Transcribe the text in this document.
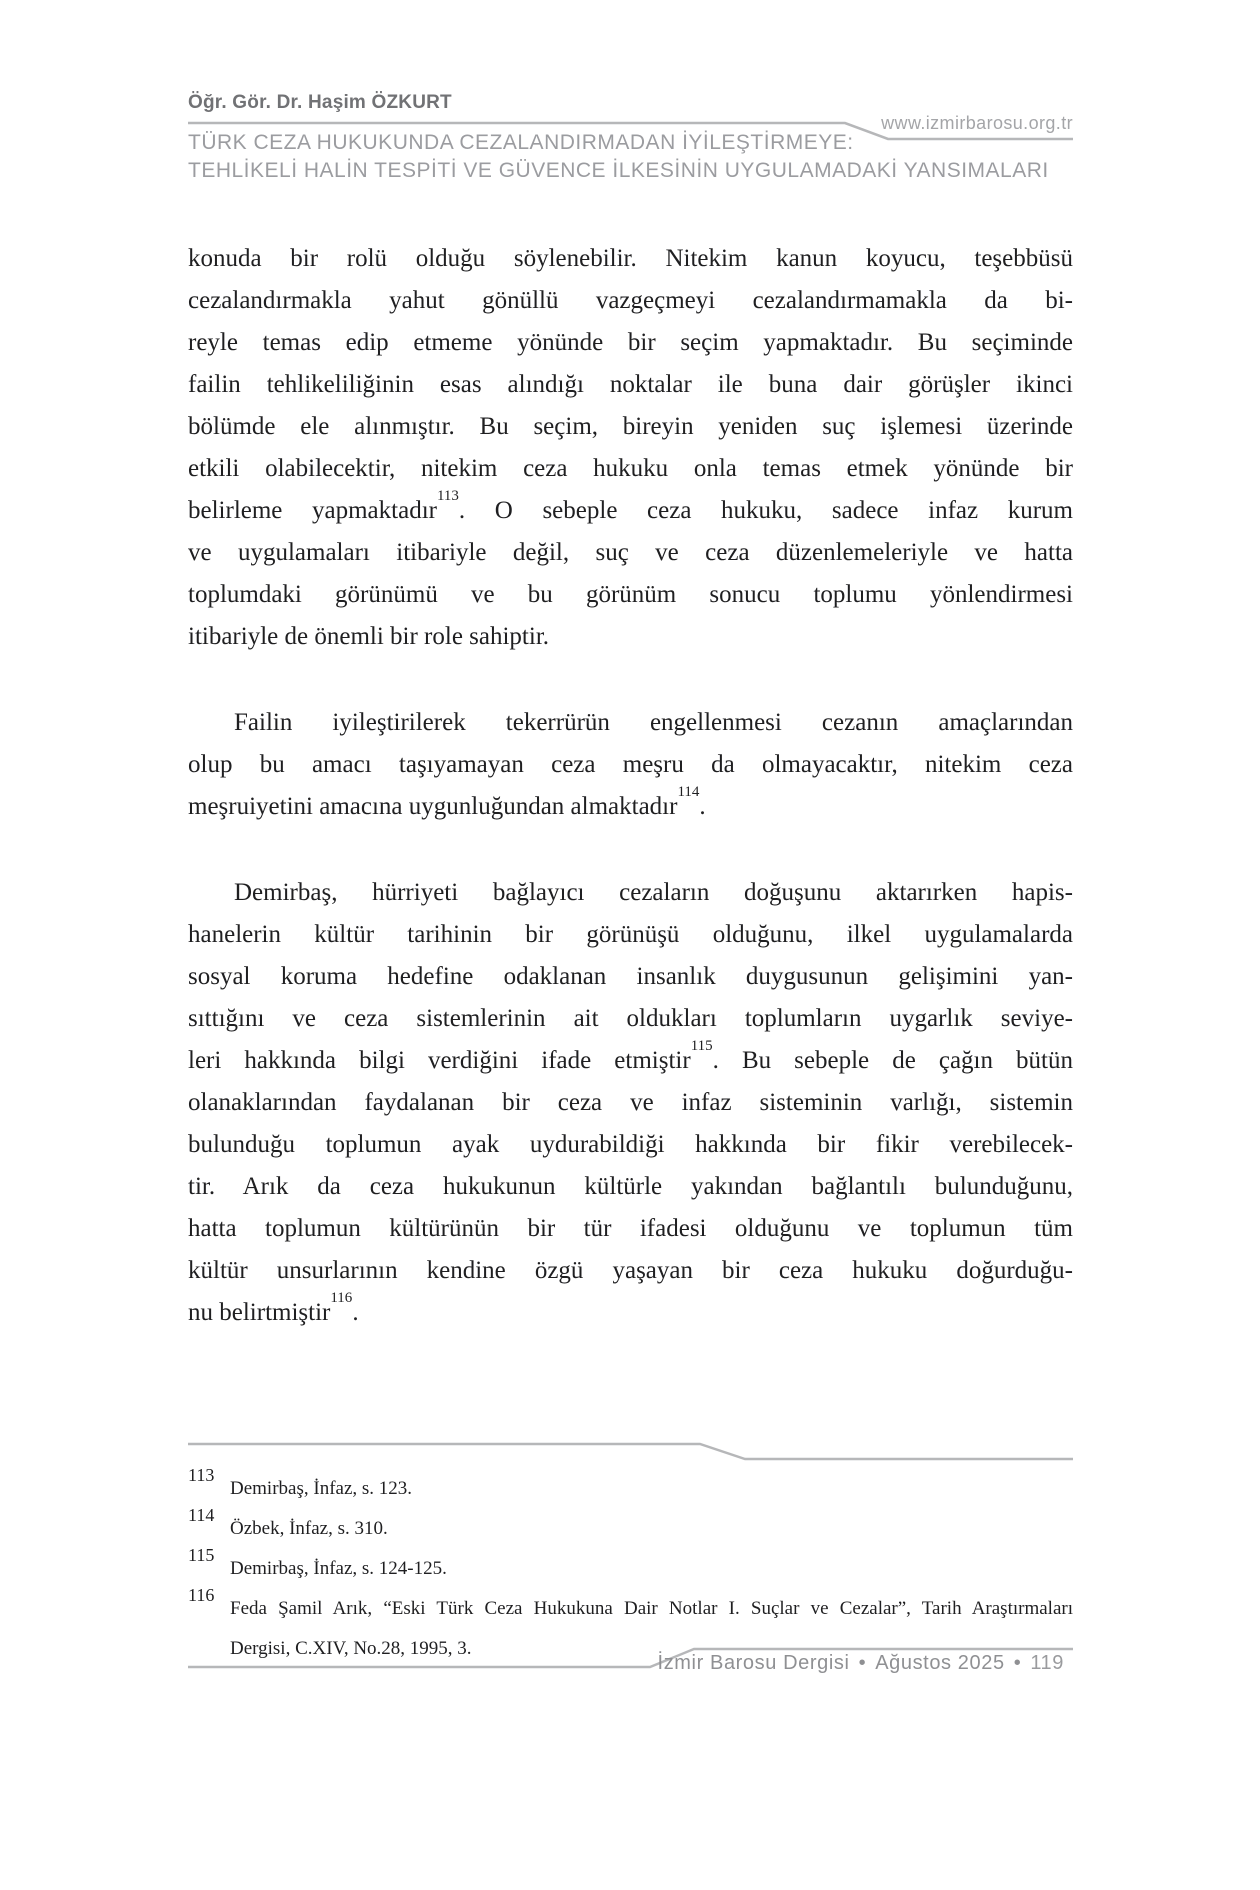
Öğr. Gör. Dr. Haşim ÖZKURT
www.izmirbarosu.org.tr
TÜRK CEZA HUKUKUNDA CEZALANDIRMADAN İYİLEŞTİRMEYE:
TEHLİKELİ HALİN TESPİTİ VE GÜVENCE İLKESİNİN UYGULAMADAKİ YANSIMALARI
konuda bir rolü olduğu söylenebilir. Nitekim kanun koyucu, teşebbüsü
cezalandırmakla yahut gönüllü vazgeçmeyi cezalandırmamakla da bi-
reyle temas edip etmeme yönünde bir seçim yapmaktadır. Bu seçiminde
failin tehlikeliliğinin esas alındığı noktalar ile buna dair görüşler ikinci
bölümde ele alınmıştır. Bu seçim, bireyin yeniden suç işlemesi üzerinde
etkili olabilecektir, nitekim ceza hukuku onla temas etmek yönünde bir
belirleme yapmaktadır$^{113}$. O sebeple ceza hukuku, sadece infaz kurum
ve uygulamaları itibariyle değil, suç ve ceza düzenlemeleriyle ve hatta
toplumdaki görünümü ve bu görünüm sonucu toplumu yönlendirmesi
itibariyle de önemli bir role sahiptir.
Failin iyileştirilerek tekerrürün engellenmesi cezanın amaçlarından
olup bu amacı taşıyamayan ceza meşru da olmayacaktır, nitekim ceza
meşruiyetini amacına uygunluğundan almaktadır$^{114}$.
Demirbaş, hürriyeti bağlayıcı cezaların doğuşunu aktarırken hapis-
hanelerin kültür tarihinin bir görünüşü olduğunu, ilkel uygulamalarda
sosyal koruma hedefine odaklanan insanlık duygusunun gelişimini yan-
sıttığını ve ceza sistemlerinin ait oldukları toplumların uygarlık seviye-
leri hakkında bilgi verdiğini ifade etmiştir$^{115}$. Bu sebeple de çağın bütün
olanaklarından faydalanan bir ceza ve infaz sisteminin varlığı, sistemin
bulunduğu toplumun ayak uydurabildiği hakkında bir fikir verebilecek-
tir. Arık da ceza hukukunun kültürle yakından bağlantılı bulunduğunu,
hatta toplumun kültürünün bir tür ifadesi olduğunu ve toplumun tüm
kültür unsurlarının kendine özgü yaşayan bir ceza hukuku doğurduğu-
nu belirtmiştir$^{116}$.
113
Demirbaş, İnfaz, s. 123.
114
Özbek, İnfaz, s. 310.
115
Demirbaş, İnfaz, s. 124-125.
116
Feda Şamil Arık, “Eski Türk Ceza Hukukuna Dair Notlar I. Suçlar ve Cezalar”, Tarih Araştırmaları
Dergisi, C.XIV, No.28, 1995, 3.
İzmir Barosu Dergisi • Ağustos 2025 • 119
